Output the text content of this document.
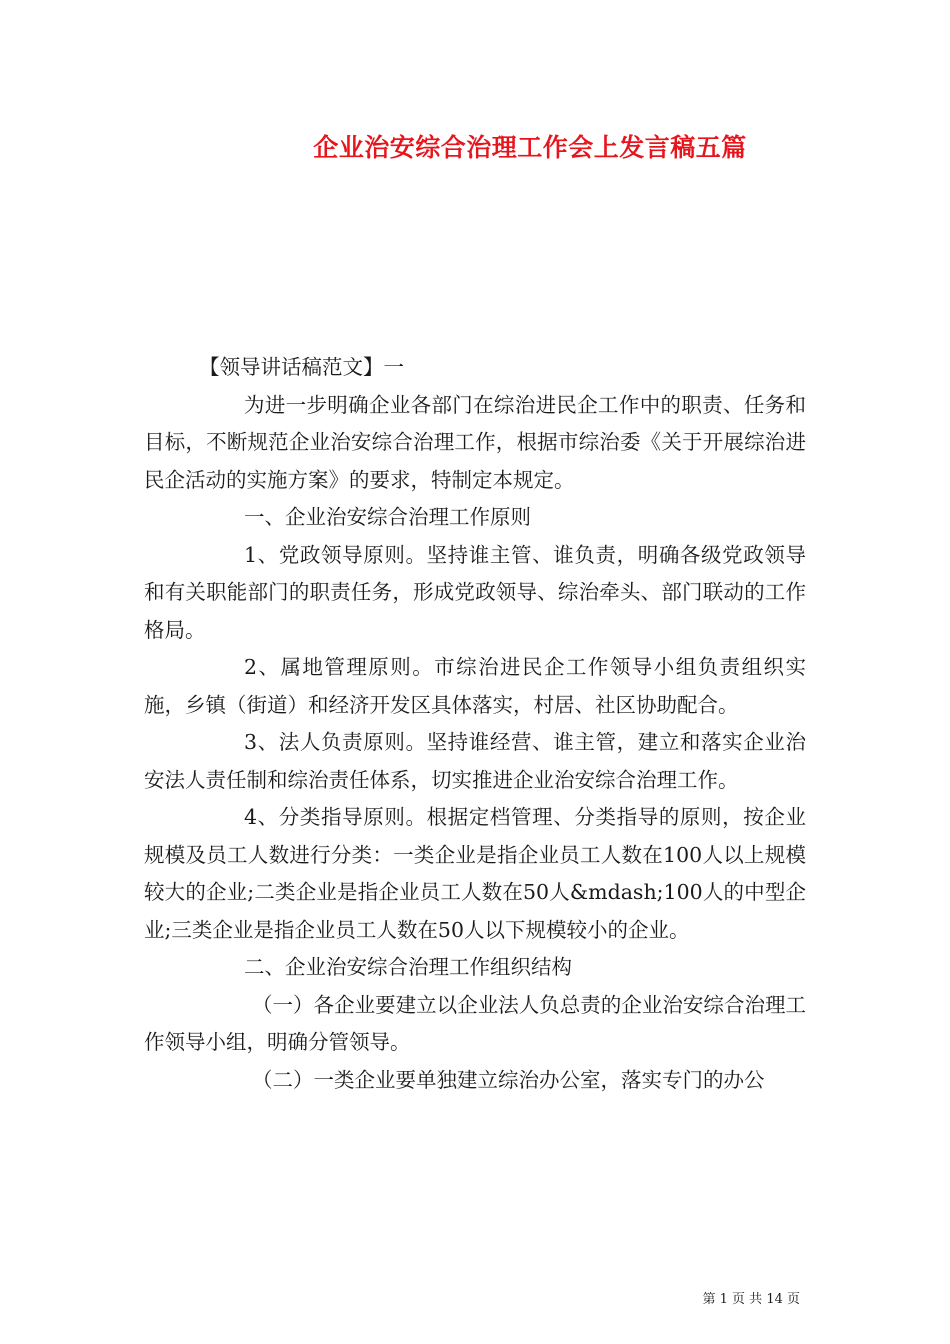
企业治安综合治理工作会上发言稿五篇

【领导讲话稿范文】一

为进一步明确企业各部门在综治进民企工作中的职责、任务和目标，不断规范企业治安综合治理工作，根据市综治委《关于开展综治进民企活动的实施方案》的要求，特制定本规定。

一、企业治安综合治理工作原则

1、党政领导原则。坚持谁主管、谁负责，明确各级党政领导和有关职能部门的职责任务，形成党政领导、综治牵头、部门联动的工作格局。

2、属地管理原则。市综治进民企工作领导小组负责组织实施，乡镇（街道）和经济开发区具体落实，村居、社区协助配合。

3、法人负责原则。坚持谁经营、谁主管，建立和落实企业治安法人责任制和综治责任体系，切实推进企业治安综合治理工作。

4、分类指导原则。根据定档管理、分类指导的原则，按企业规模及员工人数进行分类：一类企业是指企业员工人数在100人以上规模较大的企业;二类企业是指企业员工人数在50人&mdash;100人的中型企业;三类企业是指企业员工人数在50人以下规模较小的企业。

二、企业治安综合治理工作组织结构

（一）各企业要建立以企业法人负总责的企业治安综合治理工作领导小组，明确分管领导。

（二）一类企业要单独建立综治办公室，落实专门的办公

第 1 页 共 14 页
